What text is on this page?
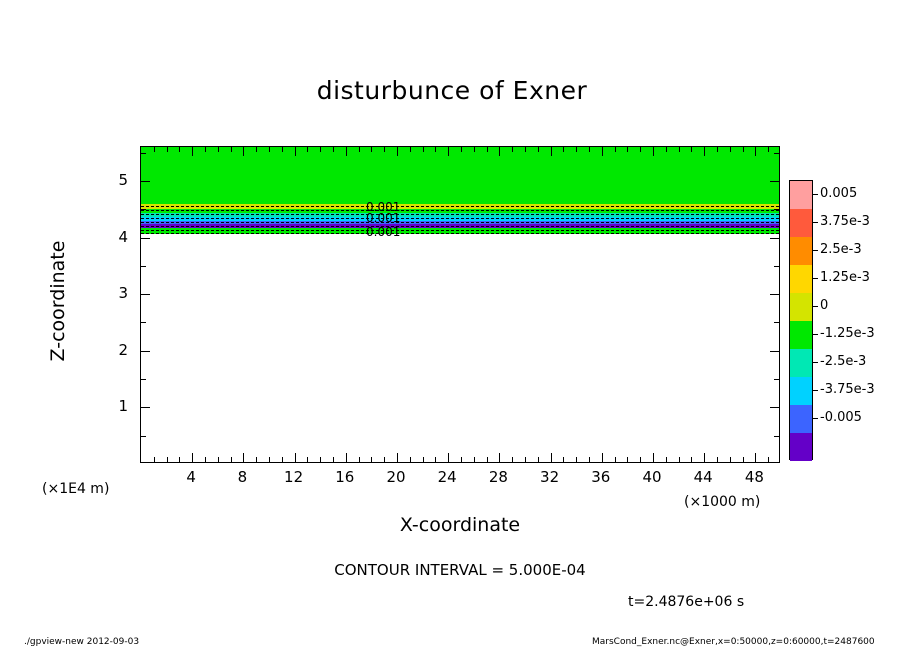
disturbunce of Exner
0.001
0.001
0.001
4	8	12	16	20	24	28	32	36	40	44	48
1
2
3
4
5
Z-coordinate
X-coordinate
(×1E4 m)
(×1000 m)
CONTOUR INTERVAL = 5.000E-04
t=2.4876e+06 s
./gpview-new 2012-09-03	MarsCond_Exner.nc@Exner,x=0:50000,z=0:60000,t=2487600
0.005
3.75e-3
2.5e-3
1.25e-3
0
-1.25e-3
-2.5e-3
-3.75e-3
-0.005
